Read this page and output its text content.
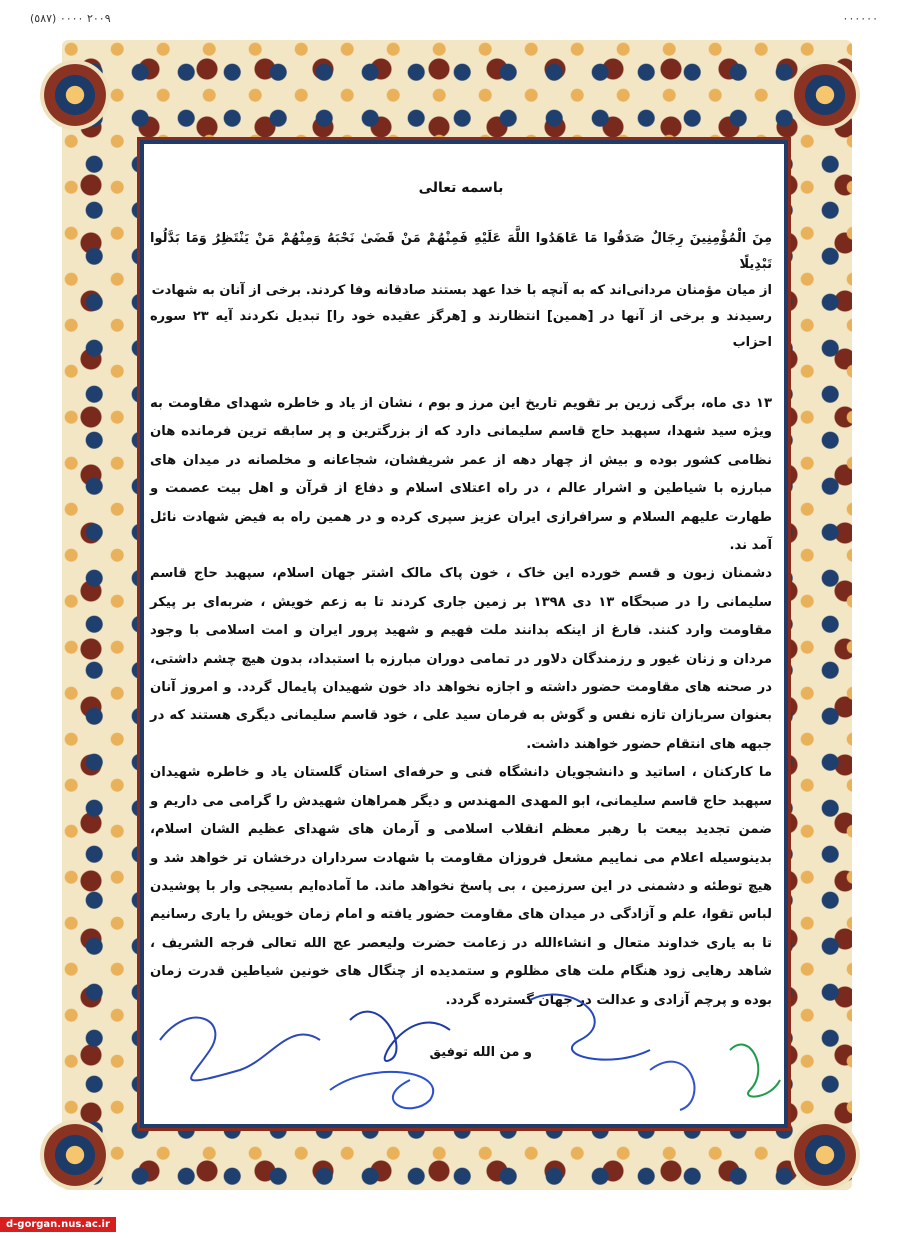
(٥٨٧) ٢٠٠٩ ٠٠٠٠	٠٠٠٠٠٠
باسمه تعالی

مِنَ الْمُؤْمِنِينَ رِجَالٌ صَدَقُوا مَا عَاهَدُوا اللَّهَ عَلَيْهِ فَمِنْهُمْ مَنْ قَضَىٰ نَحْبَهُ وَمِنْهُمْ مَنْ يَنْتَظِرُ وَمَا بَدَّلُوا تَبْدِيلًا

از میان مؤمنان مردانی‌اند که به آنچه با خدا عهد بستند صادقانه وفا کردند. برخی از آنان به شهادت

رسیدند و برخی از آنها در [همین] انتظارند و [هرگز عقیده خود را] تبدیل نکردند آیه ۲۳ سوره احزاب

۱۳ دی ماه، برگی زرین بر تقویم تاریخ این مرز و بوم ، نشان از یاد و خاطره شهدای مقاومت به ویژه سید شهدا، سپهبد حاج قاسم سلیمانی دارد که از بزرگترین و پر سابقه ترین فرمانده هان نظامی کشور بوده و بیش از چهار دهه از عمر شریفشان، شجاعانه و مخلصانه در میدان های مبارزه با شیاطین و اشرار عالم ، در راه اعتلای اسلام و دفاع از قرآن و اهل بیت عصمت و طهارت علیهم السلام و سرافرازی ایران عزیز سپری کرده و در همین راه به فیض شهادت نائل آمد ند.

دشمنان زبون و قسم خورده این خاک ، خون پاک مالک اشتر جهان اسلام، سپهبد حاج قاسم سلیمانی را در صبحگاه ۱۳ دی ۱۳۹۸ بر زمین جاری کردند تا به زعم خویش ، ضربه‌ای بر پیکر مقاومت وارد کنند. فارغ از اینکه بدانند ملت فهیم و شهید پرور ایران و امت اسلامی با وجود مردان و زنان غیور و رزمندگان دلاور در تمامی دوران مبارزه با استبداد، بدون هیچ چشم داشتی، در صحنه های مقاومت حضور داشته و اجازه نخواهد داد خون شهیدان پایمال گردد. و امروز آنان بعنوان سربازان تازه نفس و گوش به فرمان سید علی ، خود قاسم سلیمانی دیگری هستند که در جبهه های انتقام حضور خواهند داشت.

ما کارکنان ، اساتید و دانشجویان دانشگاه فنی و حرفه‌ای استان گلستان یاد و خاطره شهیدان سپهبد حاج قاسم سلیمانی، ابو المهدی المهندس و دیگر همراهان شهیدش را گرامی می داریم و ضمن تجدید بیعت با رهبر معظم انقلاب اسلامی و آرمان های شهدای عظیم الشان اسلام، بدینوسیله اعلام می نماییم مشعل فروزان مقاومت با شهادت سرداران درخشان تر خواهد شد و هیچ توطئه و دشمنی در این سرزمین ، بی پاسخ نخواهد ماند. ما آماده‌ایم بسیجی وار با پوشیدن لباس تقوا، علم و آزادگی در میدان های مقاومت حضور یافته و امام زمان خویش را یاری رسانیم تا به یاری خداوند متعال و انشاءالله در زعامت حضرت ولیعصر عج الله تعالی فرجه الشریف ، شاهد رهایی زود هنگام ملت های مظلوم و ستمدیده از چنگال های خونین شیاطین قدرت زمان بوده و پرچم آزادی و عدالت در جهان گسترده گردد.

و من الله توفیق
d-gorgan.nus.ac.ir
